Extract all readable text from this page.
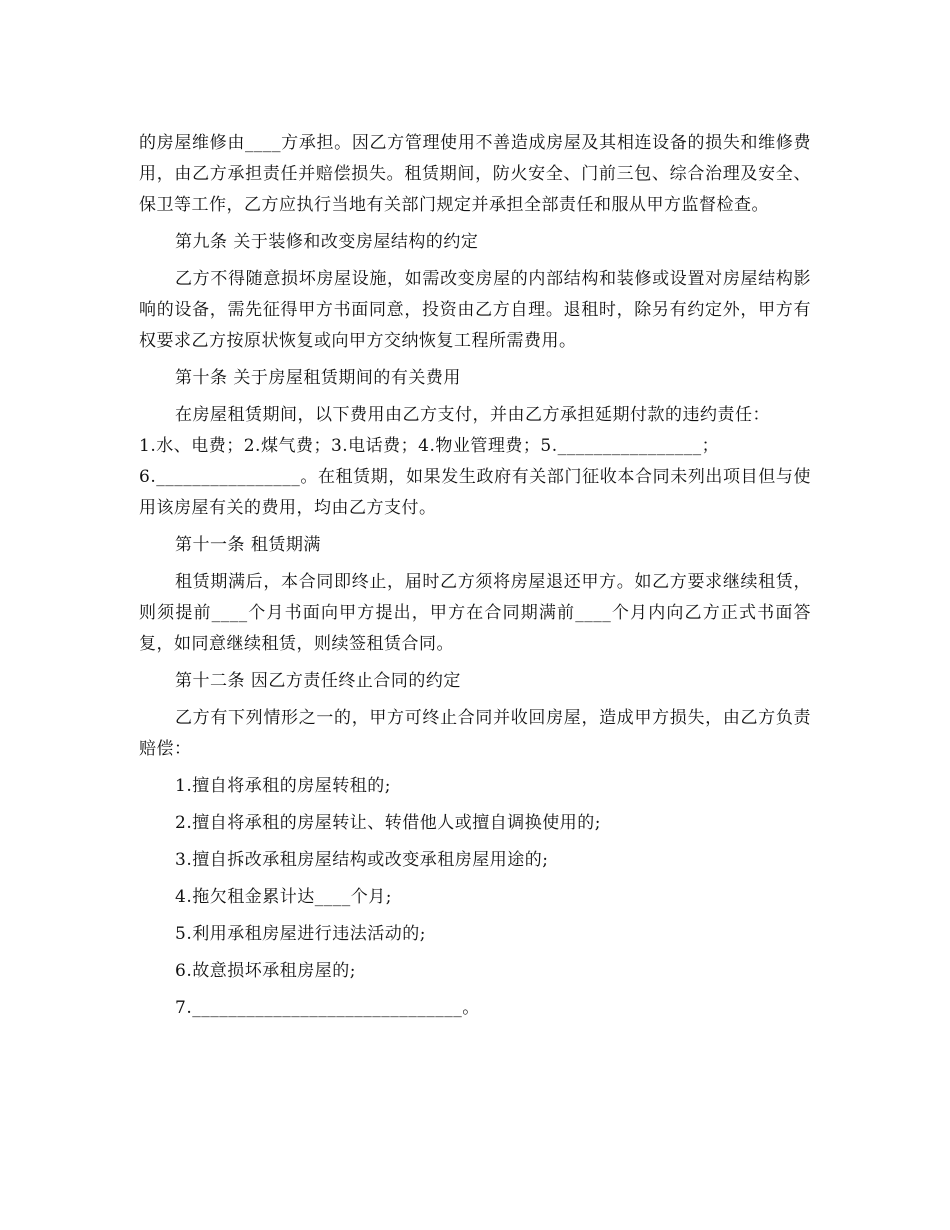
的房屋维修由____方承担。因乙方管理使用不善造成房屋及其相连设备的损失和维修费用，由乙方承担责任并赔偿损失。租赁期间，防火安全、门前三包、综合治理及安全、保卫等工作，乙方应执行当地有关部门规定并承担全部责任和服从甲方监督检查。

第九条 关于装修和改变房屋结构的约定

乙方不得随意损坏房屋设施，如需改变房屋的内部结构和装修或设置对房屋结构影响的设备，需先征得甲方书面同意，投资由乙方自理。退租时，除另有约定外，甲方有权要求乙方按原状恢复或向甲方交纳恢复工程所需费用。

第十条 关于房屋租赁期间的有关费用

在房屋租赁期间，以下费用由乙方支付，并由乙方承担延期付款的违约责任：

1.水、电费；2.煤气费；3.电话费；4.物业管理费；5.________________；

6.________________。在租赁期，如果发生政府有关部门征收本合同未列出项目但与使用该房屋有关的费用，均由乙方支付。

第十一条 租赁期满

租赁期满后，本合同即终止，届时乙方须将房屋退还甲方。如乙方要求继续租赁，则须提前____个月书面向甲方提出，甲方在合同期满前____个月内向乙方正式书面答复，如同意继续租赁，则续签租赁合同。

第十二条 因乙方责任终止合同的约定

乙方有下列情形之一的，甲方可终止合同并收回房屋，造成甲方损失，由乙方负责赔偿：

1.擅自将承租的房屋转租的;

2.擅自将承租的房屋转让、转借他人或擅自调换使用的;

3.擅自拆改承租房屋结构或改变承租房屋用途的;

4.拖欠租金累计达____个月;

5.利用承租房屋进行违法活动的;

6.故意损坏承租房屋的;

7.______________________________。
